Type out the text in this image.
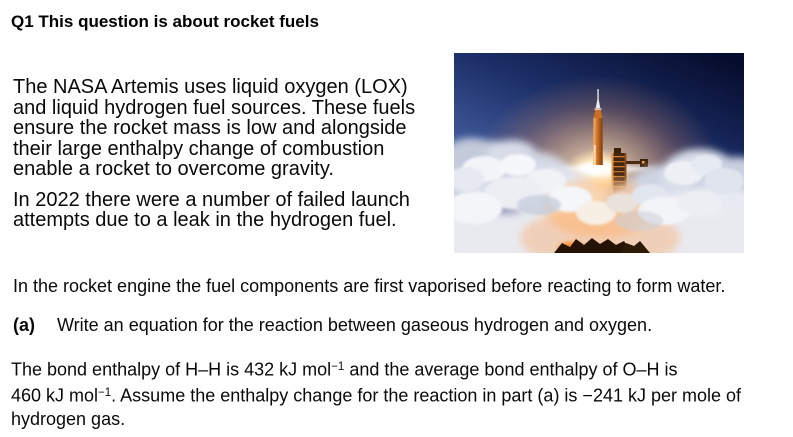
Q1 This question is about rocket fuels

The NASA Artemis uses liquid oxygen (LOX)
and liquid hydrogen fuel sources. These fuels
ensure the rocket mass is low and alongside
their large enthalpy change of combustion
enable a rocket to overcome gravity.

In 2022 there were a number of failed launch
attempts due to a leak in the hydrogen fuel.

In the rocket engine the fuel components are first vaporised before reacting to form water.

(a) Write an equation for the reaction between gaseous hydrogen and oxygen.

The bond enthalpy of H–H is 432 kJ mol$^{-1}$ and the average bond enthalpy of O–H is
460 kJ mol$^{-1}$. Assume the enthalpy change for the reaction in part (a) is −241 kJ per mole of
hydrogen gas.
